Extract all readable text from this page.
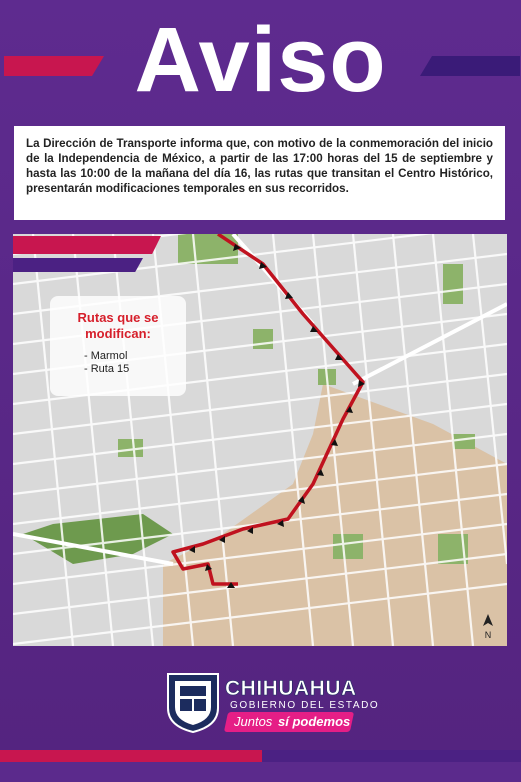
Aviso
La Dirección de Transporte informa que, con motivo de la conmemoración del inicio de la Independencia de México, a partir de las 17:00 horas del 15 de septiembre y hasta las 10:00 de la mañana del día 16, las rutas que transitan el Centro Histórico, presentarán modificaciones temporales en sus recorridos.
Rutas que se modifican:
- Marmol
- Ruta 15
N
CHIHUAHUA
GOBIERNO DEL ESTADO
Juntos sí podemos
